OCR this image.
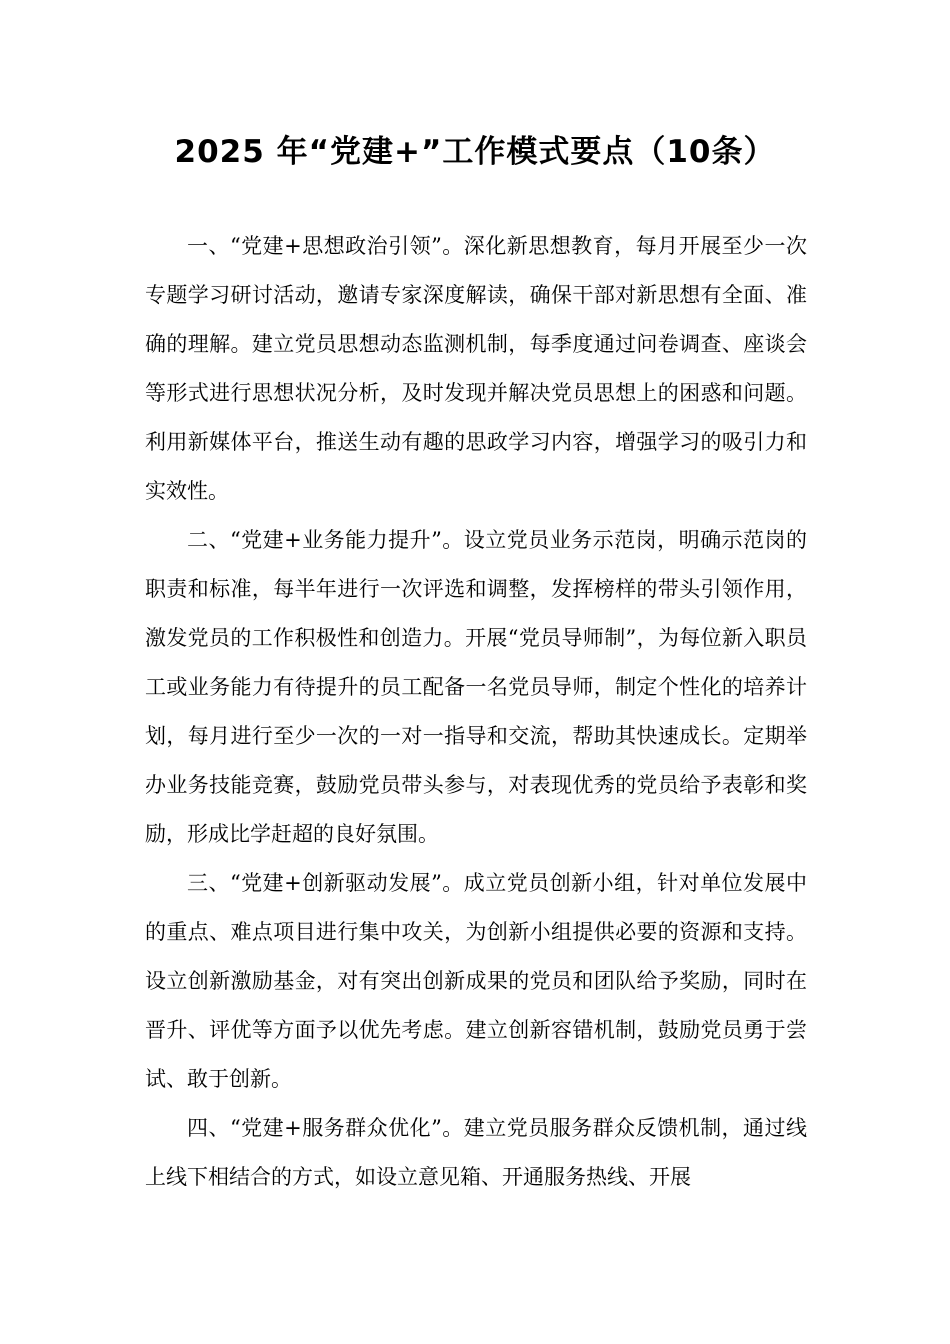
2025 年“党建+”工作模式要点（10条）

一、“党建+思想政治引领”。深化新思想教育，每月开展至少一次专题学习研讨活动，邀请专家深度解读，确保干部对新思想有全面、准确的理解。建立党员思想动态监测机制，每季度通过问卷调查、座谈会等形式进行思想状况分析，及时发现并解决党员思想上的困惑和问题。利用新媒体平台，推送生动有趣的思政学习内容，增强学习的吸引力和实效性。

二、“党建+业务能力提升”。设立党员业务示范岗，明确示范岗的职责和标准，每半年进行一次评选和调整，发挥榜样的带头引领作用，激发党员的工作积极性和创造力。开展“党员导师制”，为每位新入职员工或业务能力有待提升的员工配备一名党员导师，制定个性化的培养计划，每月进行至少一次的一对一指导和交流，帮助其快速成长。定期举办业务技能竞赛，鼓励党员带头参与，对表现优秀的党员给予表彰和奖励，形成比学赶超的良好氛围。

三、“党建+创新驱动发展”。成立党员创新小组，针对单位发展中的重点、难点项目进行集中攻关，为创新小组提供必要的资源和支持。设立创新激励基金，对有突出创新成果的党员和团队给予奖励，同时在晋升、评优等方面予以优先考虑。建立创新容错机制，鼓励党员勇于尝试、敢于创新。

四、“党建+服务群众优化”。建立党员服务群众反馈机制，通过线上线下相结合的方式，如设立意见箱、开通服务热线、开展
